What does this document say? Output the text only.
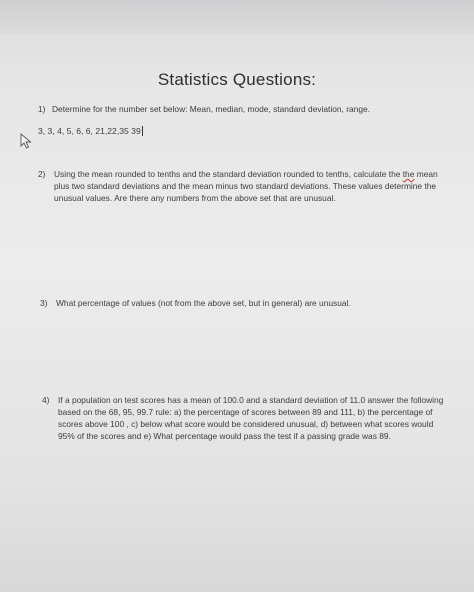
Statistics Questions:
1) Determine for the number set below: Mean, median, mode, standard deviation, range.
3, 3, 4, 5, 6, 6, 21,22,35 39
2) Using the mean rounded to tenths and the standard deviation rounded to tenths, calculate the the mean plus two standard deviations and the mean minus two standard deviations. These values determine the unusual values. Are there any numbers from the above set that are unusual.
3) What percentage of values (not from the above set, but in general) are unusual.
4) If a population on test scores has a mean of 100.0 and a standard deviation of 11.0 answer the following based on the 68, 95, 99.7 rule: a) the percentage of scores between 89 and 111, b) the percentage of scores above 100 , c) below what score would be considered unusual, d) between what scores would 95% of the scores and e) What percentage would pass the test if a passing grade was 89.
